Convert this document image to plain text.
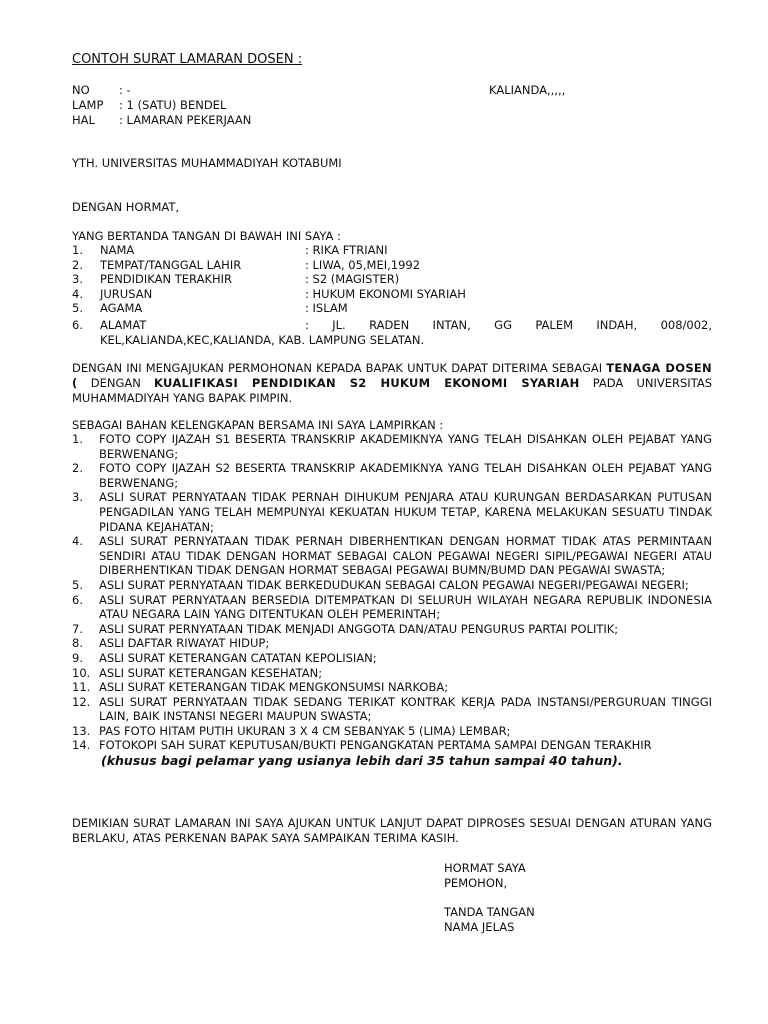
CONTOH SURAT LAMARAN DOSEN :
NO	: -
LAMP : 1 (SATU) BENDEL
HAL : LAMARAN PEKERJAAN
KALIANDA,,,,,
YTH. UNIVERSITAS MUHAMMADIYAH KOTABUMI
DENGAN HORMAT,
YANG BERTANDA TANGAN DI BAWAH INI SAYA :
1. NAMA	: RIKA FTRIANI
2. TEMPAT/TANGGAL LAHIR	: LIWA, 05,MEI,1992
3. PENDIDIKAN TERAKHIR	: S2 (MAGISTER)
4. JURUSAN	: HUKUM EKONOMI SYARIAH
5. AGAMA	: ISLAM
6. ALAMAT	: JL. RADEN INTAN, GG PALEM INDAH, 008/002,
KEL,KALIANDA,KEC,KALIANDA, KAB. LAMPUNG SELATAN.
DENGAN INI MENGAJUKAN PERMOHONAN KEPADA BAPAK UNTUK DAPAT DITERIMA SEBAGAI TENAGA DOSEN ( DENGAN KUALIFIKASI PENDIDIKAN S2 HUKUM EKONOMI SYARIAH PADA UNIVERSITAS MUHAMMADIYAH YANG BAPAK PIMPIN.
SEBAGAI BAHAN KELENGKAPAN BERSAMA INI SAYA LAMPIRKAN :
1. FOTO COPY IJAZAH S1 BESERTA TRANSKRIP AKADEMIKNYA YANG TELAH DISAHKAN OLEH PEJABAT YANG BERWENANG;
2. FOTO COPY IJAZAH S2 BESERTA TRANSKRIP AKADEMIKNYA YANG TELAH DISAHKAN OLEH PEJABAT YANG BERWENANG;
3. ASLI SURAT PERNYATAAN TIDAK PERNAH DIHUKUM PENJARA ATAU KURUNGAN BERDASARKAN PUTUSAN PENGADILAN YANG TELAH MEMPUNYAI KEKUATAN HUKUM TETAP, KARENA MELAKUKAN SESUATU TINDAK PIDANA KEJAHATAN;
4. ASLI SURAT PERNYATAAN TIDAK PERNAH DIBERHENTIKAN DENGAN HORMAT TIDAK ATAS PERMINTAAN SENDIRI ATAU TIDAK DENGAN HORMAT SEBAGAI CALON PEGAWAI NEGERI SIPIL/PEGAWAI NEGERI ATAU DIBERHENTIKAN TIDAK DENGAN HORMAT SEBAGAI PEGAWAI BUMN/BUMD DAN PEGAWAI SWASTA;
5. ASLI SURAT PERNYATAAN TIDAK BERKEDUDUKAN SEBAGAI CALON PEGAWAI NEGERI/PEGAWAI NEGERI;
6. ASLI SURAT PERNYATAAN BERSEDIA DITEMPATKAN DI SELURUH WILAYAH NEGARA REPUBLIK INDONESIA ATAU NEGARA LAIN YANG DITENTUKAN OLEH PEMERINTAH;
7. ASLI SURAT PERNYATAAN TIDAK MENJADI ANGGOTA DAN/ATAU PENGURUS PARTAI POLITIK;
8. ASLI DAFTAR RIWAYAT HIDUP;
9. ASLI SURAT KETERANGAN CATATAN KEPOLISIAN;
10. ASLI SURAT KETERANGAN KESEHATAN;
11. ASLI SURAT KETERANGAN TIDAK MENGKONSUMSI NARKOBA;
12. ASLI SURAT PERNYATAAN TIDAK SEDANG TERIKAT KONTRAK KERJA PADA INSTANSI/PERGURUAN TINGGI LAIN, BAIK INSTANSI NEGERI MAUPUN SWASTA;
13. PAS FOTO HITAM PUTIH UKURAN 3 X 4 CM SEBANYAK 5 (LIMA) LEMBAR;
14. FOTOKOPI SAH SURAT KEPUTUSAN/BUKTI PENGANGKATAN PERTAMA SAMPAI DENGAN TERAKHIR
(khusus bagi pelamar yang usianya lebih dari 35 tahun sampai 40 tahun).
DEMIKIAN SURAT LAMARAN INI SAYA AJUKAN UNTUK LANJUT DAPAT DIPROSES SESUAI DENGAN ATURAN YANG BERLAKU, ATAS PERKENAN BAPAK SAYA SAMPAIKAN TERIMA KASIH.
HORMAT SAYA
PEMOHON,
TANDA TANGAN
NAMA JELAS
